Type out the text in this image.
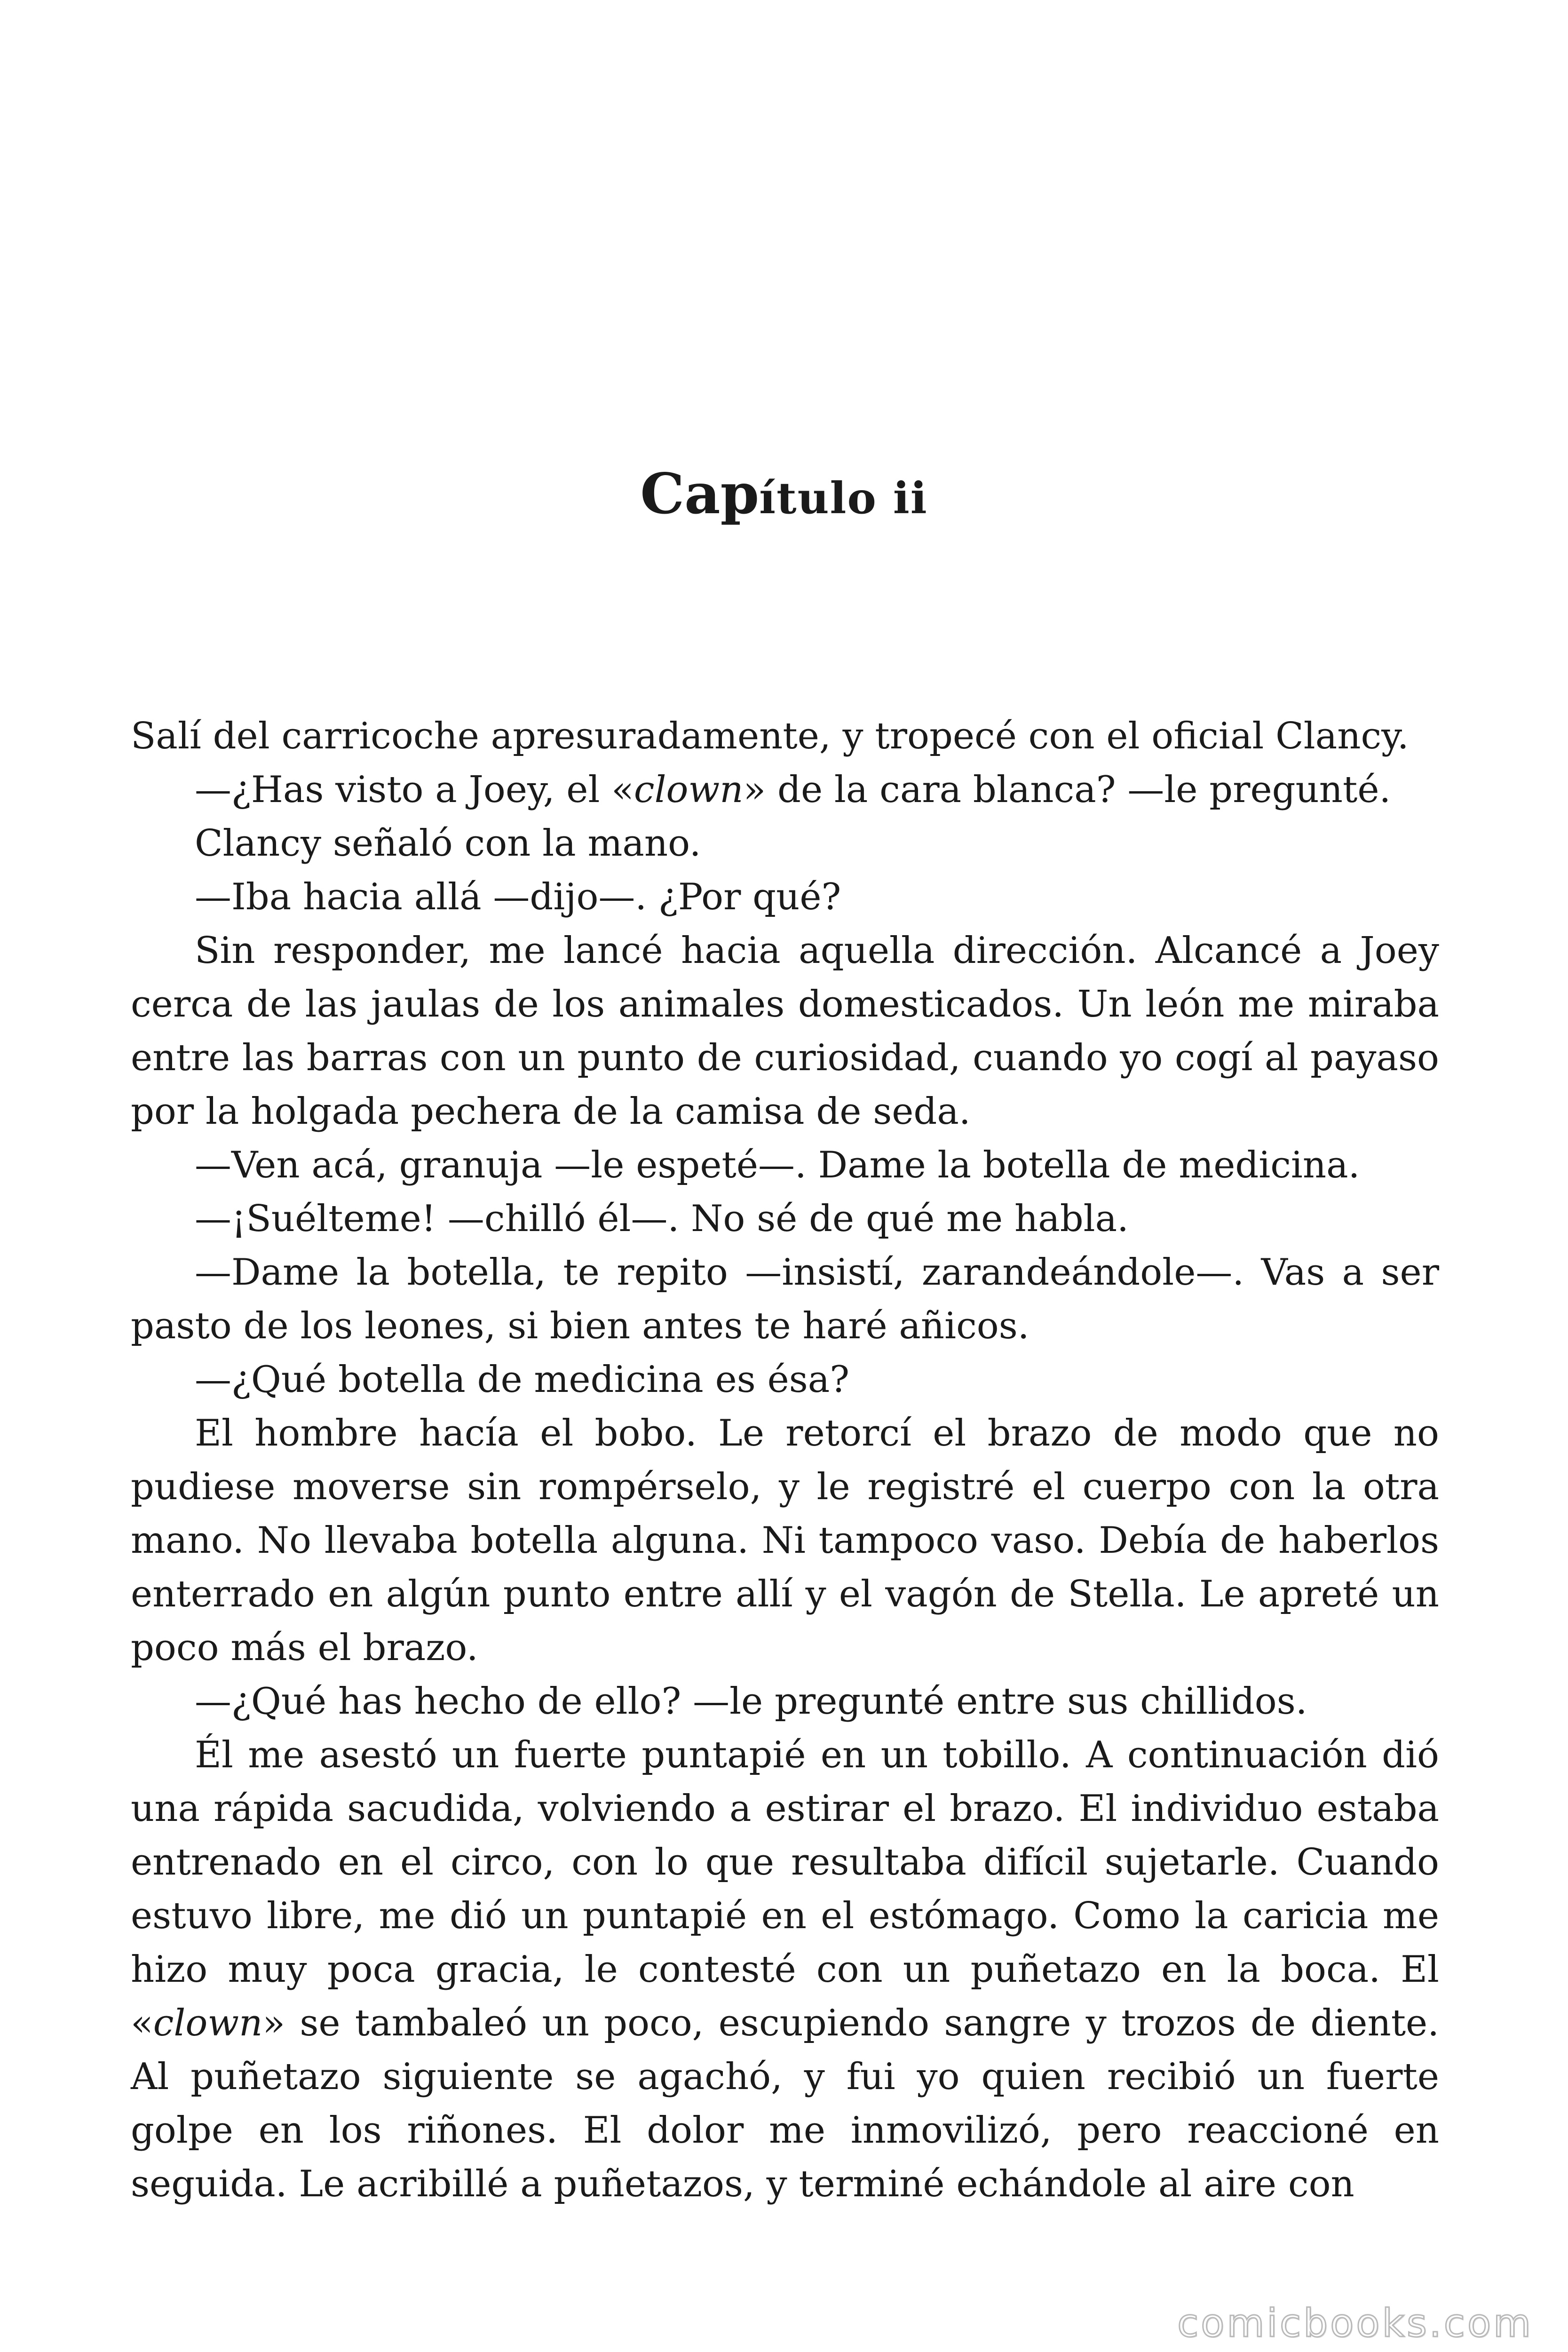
Capítulo ii

Salí del carricoche apresuradamente, y tropecé con el oficial Clancy.

—¿Has visto a Joey, el «clown» de la cara blanca? —le pregunté.

Clancy señaló con la mano.

—Iba hacia allá —dijo—. ¿Por qué?

Sin responder, me lancé hacia aquella dirección. Alcancé a Joey cerca de las jaulas de los animales domesticados. Un león me miraba entre las barras con un punto de curiosidad, cuando yo cogí al payaso por la holgada pechera de la camisa de seda.

—Ven acá, granuja —le espeté—. Dame la botella de medicina.

—¡Suélteme! —chilló él—. No sé de qué me habla.

—Dame la botella, te repito —insistí, zarandeándole—. Vas a ser pasto de los leones, si bien antes te haré añicos.

—¿Qué botella de medicina es ésa?

El hombre hacía el bobo. Le retorcí el brazo de modo que no pudiese moverse sin rompérselo, y le registré el cuerpo con la otra mano. No llevaba botella alguna. Ni tampoco vaso. Debía de haberlos enterrado en algún punto entre allí y el vagón de Stella. Le apreté un poco más el brazo.

—¿Qué has hecho de ello? —le pregunté entre sus chillidos.

Él me asestó un fuerte puntapié en un tobillo. A continuación dió una rápida sacudida, volviendo a estirar el brazo. El individuo estaba entrenado en el circo, con lo que resultaba difícil sujetarle. Cuando estuvo libre, me dió un puntapié en el estómago. Como la caricia me hizo muy poca gracia, le contesté con un puñetazo en la boca. El «clown» se tambaleó un poco, escupiendo sangre y trozos de diente. Al puñetazo siguiente se agachó, y fui yo quien recibió un fuerte golpe en los riñones. El dolor me inmovilizó, pero reaccioné en seguida. Le acribillé a puñetazos, y terminé echándole al aire con

comicbooks.com
